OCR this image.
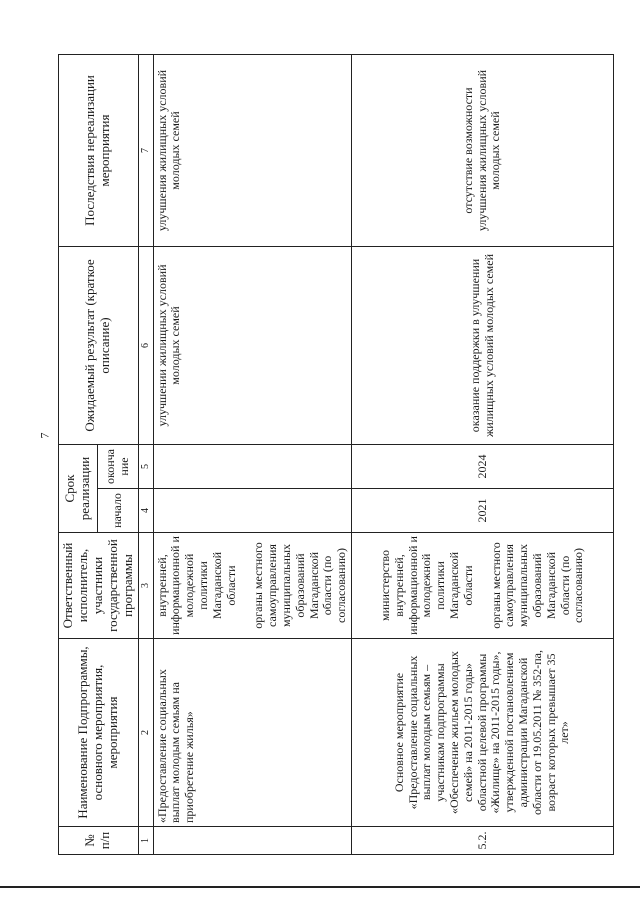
7
№ п/п	Наименование Подпрограммы, основного мероприятия, мероприятия	Ответственный исполнитель, участники государственной программы	Срок реализации		Ожидаемый результат (краткое описание)	Последствия нереализации мероприятия
			начало	оконча ние		
1	2	3	4	5	6	7
	«Предоставление социальных выплат молодым семьям на приобретение жилья»	внутренней, информационной и молодежной политики Магаданской области органы местного самоуправления муниципальных образований Магаданской области (по согласованию)			улучшении жилищных условий молодых семей	улучшения жилищных условий молодых семей
5.2.	Основное мероприятие «Предоставление социальных выплат молодым семьям – участникам подпрограммы «Обеспечение жильем молодых семей» на 2011-2015 годы» областной целевой программы «Жилище» на 2011-2015 годы», утвержденной постановлением администрации Магаданской области от 19.05.2011 № 352-па, возраст которых превышает 35 лет»	министерство внутренней, информационной и молодежной политики Магаданской области органы местного самоуправления муниципальных образований Магаданской области (по согласованию)	2021	2024	оказание поддержки в улучшении жилищных условий молодых семей	отсутствие возможности улучшения жилищных условий молодых семей
